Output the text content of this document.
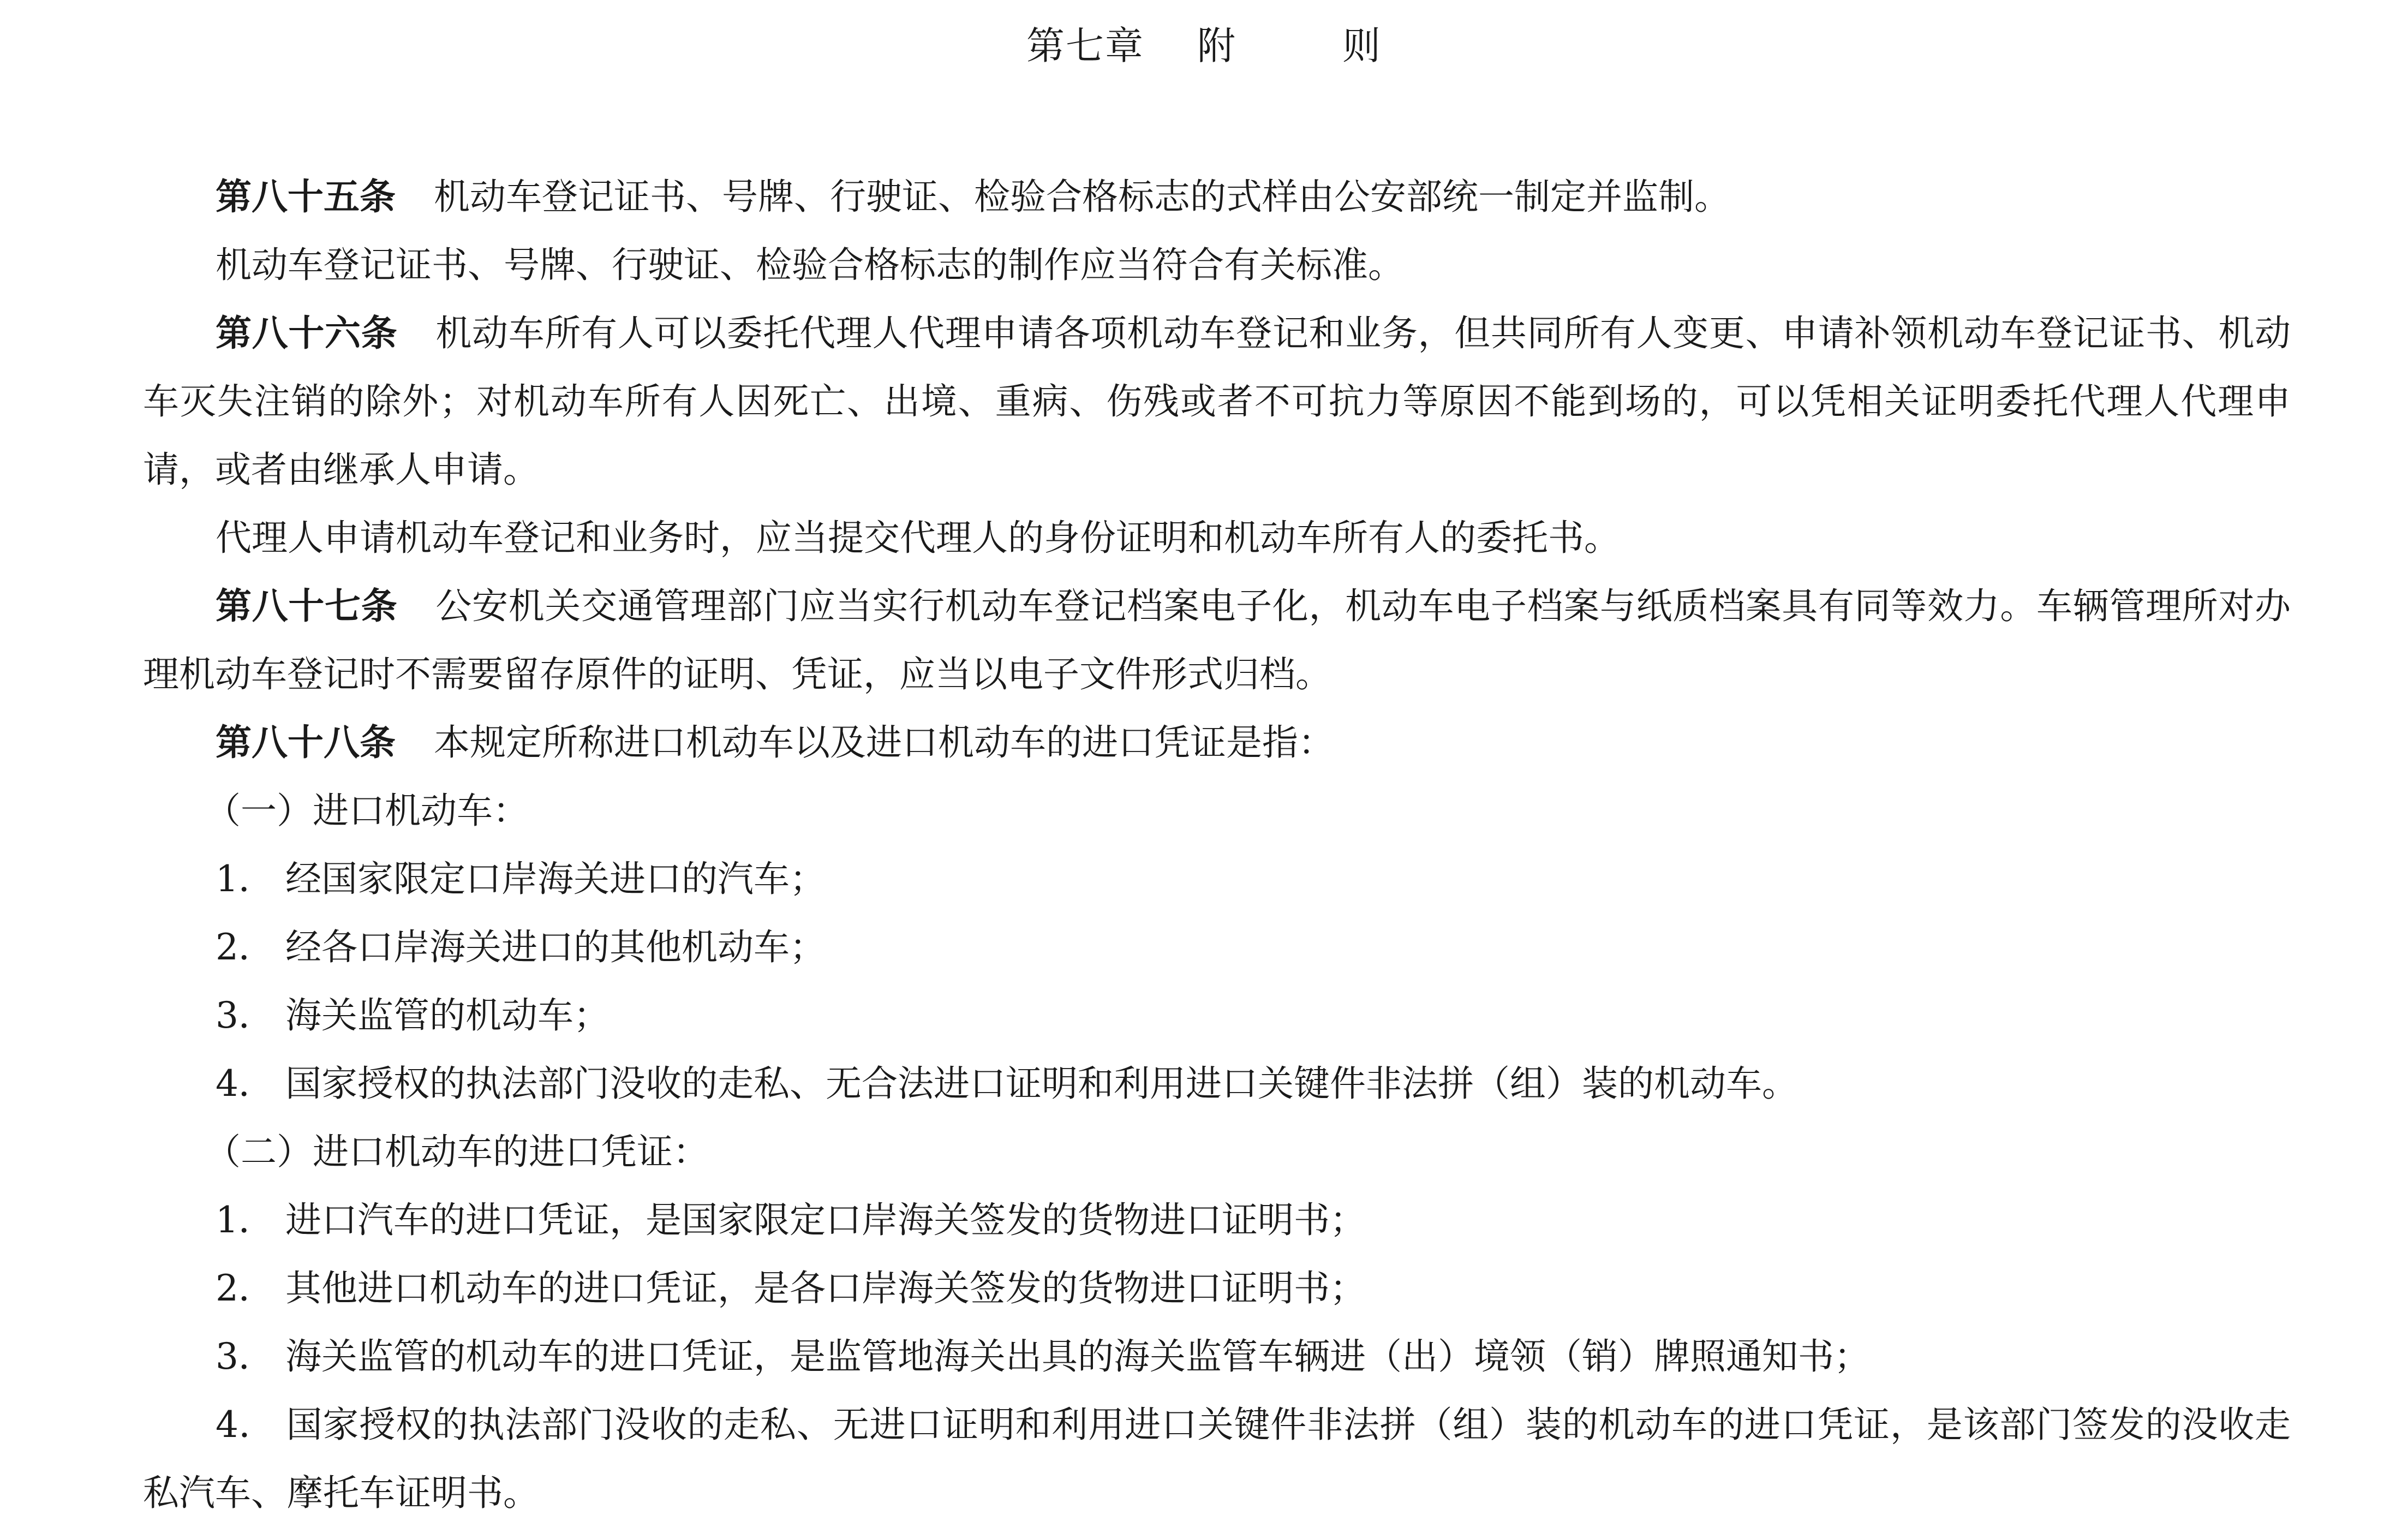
第七章    附        则

第八十五条 机动车登记证书、号牌、行驶证、检验合格标志的式样由公安部统一制定并监制。

机动车登记证书、号牌、行驶证、检验合格标志的制作应当符合有关标准。

第八十六条 机动车所有人可以委托代理人代理申请各项机动车登记和业务，但共同所有人变更、申请补领机动车登记证书、机动车灭失注销的除外；对机动车所有人因死亡、出境、重病、伤残或者不可抗力等原因不能到场的，可以凭相关证明委托代理人代理申请，或者由继承人申请。

代理人申请机动车登记和业务时，应当提交代理人的身份证明和机动车所有人的委托书。

第八十七条 公安机关交通管理部门应当实行机动车登记档案电子化，机动车电子档案与纸质档案具有同等效力。车辆管理所对办理机动车登记时不需要留存原件的证明、凭证，应当以电子文件形式归档。

第八十八条 本规定所称进口机动车以及进口机动车的进口凭证是指：

（一）进口机动车：

1． 经国家限定口岸海关进口的汽车；

2． 经各口岸海关进口的其他机动车；

3． 海关监管的机动车；

4． 国家授权的执法部门没收的走私、无合法进口证明和利用进口关键件非法拼（组）装的机动车。

（二）进口机动车的进口凭证：

1． 进口汽车的进口凭证，是国家限定口岸海关签发的货物进口证明书；

2． 其他进口机动车的进口凭证，是各口岸海关签发的货物进口证明书；

3． 海关监管的机动车的进口凭证，是监管地海关出具的海关监管车辆进（出）境领（销）牌照通知书；

4． 国家授权的执法部门没收的走私、无进口证明和利用进口关键件非法拼（组）装的机动车的进口凭证，是该部门签发的没收走私汽车、摩托车证明书。
